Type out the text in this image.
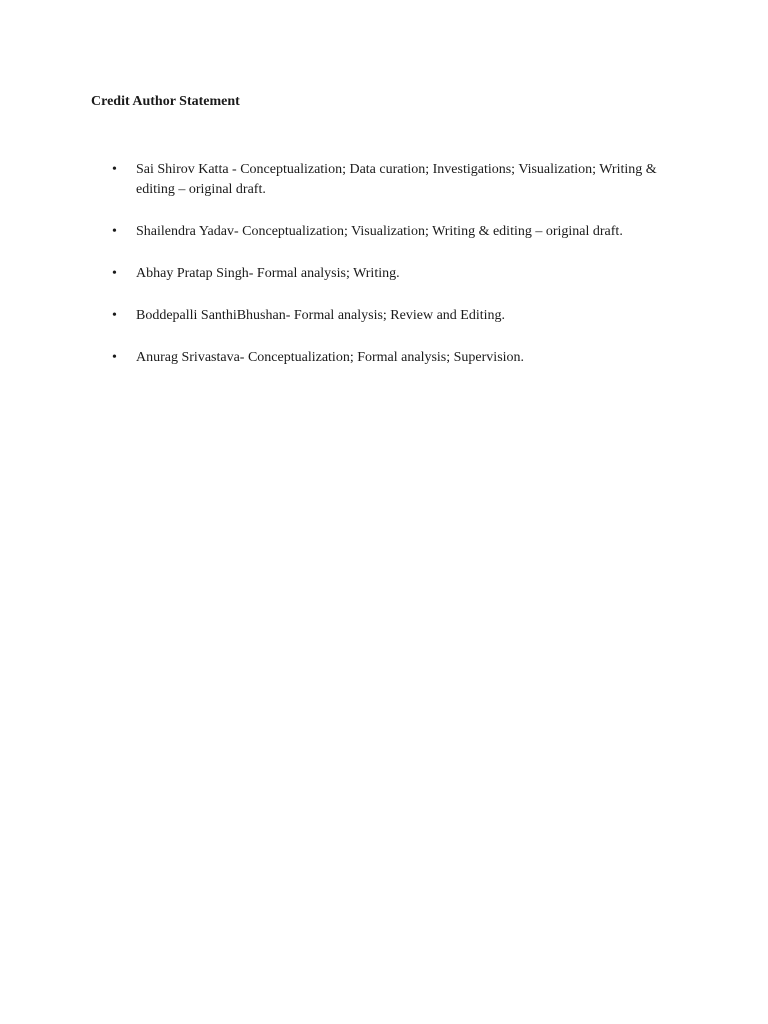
Credit Author Statement
• Sai Shirov Katta - Conceptualization; Data curation; Investigations; Visualization; Writing & editing – original draft.
• Shailendra Yadav- Conceptualization; Visualization; Writing & editing – original draft.
• Abhay Pratap Singh- Formal analysis; Writing.
• Boddepalli SanthiBhushan- Formal analysis; Review and Editing.
• Anurag Srivastava- Conceptualization; Formal analysis; Supervision.
